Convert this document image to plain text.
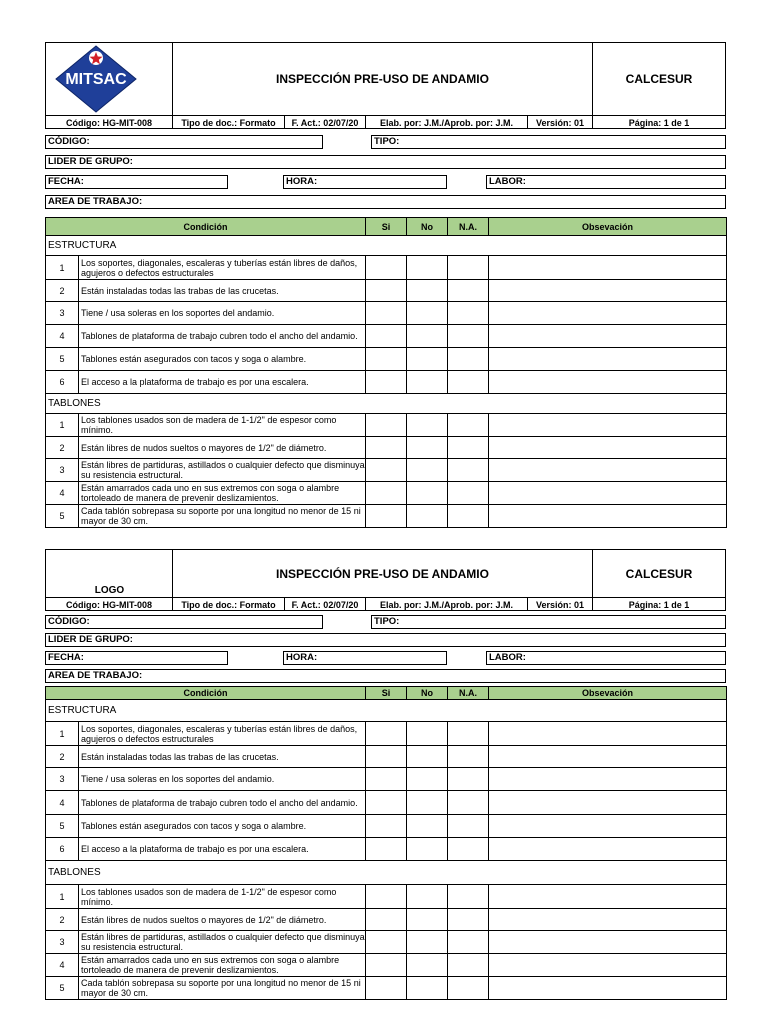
MITSAC	INSPECCIÓN PRE-USO DE ANDAMIO	CALCESUR
Código: HG-MIT-008	Tipo de doc.: Formato	F. Act.: 02/07/20	Elab. por: J.M./Aprob. por: J.M.	Versión: 01	Página: 1 de 1
CÓDIGO:	TIPO:
LIDER DE GRUPO:
FECHA:	HORA:	LABOR:
AREA DE TRABAJO:
Condición		Si	No	N.A.	Obsevación
ESTRUCTURA					
1	Los soportes, diagonales, escaleras y tuberías están libres de daños, agujeros o defectos estructurales				
2	Están instaladas todas las trabas de las crucetas.				
3	Tiene / usa soleras en los soportes del andamio.				
4	Tablones de plataforma de trabajo cubren todo el ancho del andamio.				
5	Tablones están asegurados con tacos y soga o alambre.				
6	El acceso a la plataforma de trabajo es por una escalera.				
TABLONES					
1	Los tablones usados son de madera de 1-1/2" de espesor como mínimo.				
2	Están libres de nudos sueltos o mayores de 1/2" de diámetro.				
3	Están libres de partiduras, astillados o cualquier defecto que disminuya su resistencia estructural.				
4	Están amarrados cada uno en sus extremos con soga o alambre tortoleado de manera de prevenir deslizamientos.				
5	Cada tablón sobrepasa su soporte por una longitud no menor de 15 ni mayor de 30 cm.				
LOGO
INSPECCIÓN PRE-USO DE ANDAMIO	CALCESUR
Código: HG-MIT-008	Tipo de doc.: Formato	F. Act.: 02/07/20	Elab. por: J.M./Aprob. por: J.M.	Versión: 01	Página: 1 de 1
CÓDIGO:	TIPO:
LIDER DE GRUPO:
FECHA:	HORA:	LABOR:
AREA DE TRABAJO:
Condición		Si	No	N.A.	Obsevación
ESTRUCTURA					
1	Los soportes, diagonales, escaleras y tuberías están libres de daños, agujeros o defectos estructurales				
2	Están instaladas todas las trabas de las crucetas.				
3	Tiene / usa soleras en los soportes del andamio.				
4	Tablones de plataforma de trabajo cubren todo el ancho del andamio.				
5	Tablones están asegurados con tacos y soga o alambre.				
6	El acceso a la plataforma de trabajo es por una escalera.				
TABLONES					
1	Los tablones usados son de madera de 1-1/2" de espesor como mínimo.				
2	Están libres de nudos sueltos o mayores de 1/2" de diámetro.				
3	Están libres de partiduras, astillados o cualquier defecto que disminuya su resistencia estructural.				
4	Están amarrados cada uno en sus extremos con soga o alambre tortoleado de manera de prevenir deslizamientos.				
5	Cada tablón sobrepasa su soporte por una longitud no menor de 15 ni mayor de 30 cm.				
